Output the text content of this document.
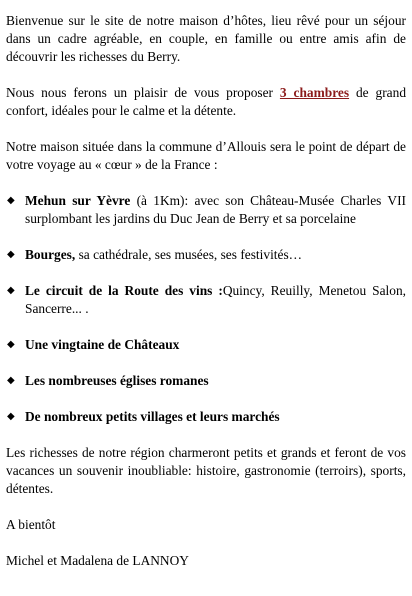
Bienvenue sur le site de notre maison d’hôtes, lieu rêvé pour un séjour dans un cadre agréable, en couple, en famille ou entre amis afin de découvrir les richesses du Berry.

Nous nous ferons un plaisir de vous proposer 3 chambres de grand confort, idéales pour le calme et la détente.

Notre maison située dans la commune d’Allouis sera le point de départ de votre voyage au « cœur » de la France :

◆ Mehun sur Yèvre (à 1Km): avec son Château-Musée Charles VII surplombant les jardins du Duc Jean de Berry et sa porcelaine
◆ Bourges, sa cathédrale, ses musées, ses festivités…
◆ Le circuit de la Route des vins :Quincy, Reuilly, Menetou Salon, Sancerre... .
◆ Une vingtaine de Châteaux
◆ Les nombreuses églises romanes
◆ De nombreux petits villages et leurs marchés

Les richesses de notre région charmeront petits et grands et feront de vos vacances un souvenir inoubliable: histoire, gastronomie (terroirs), sports, détentes.

A bientôt

Michel et Madalena de LANNOY
